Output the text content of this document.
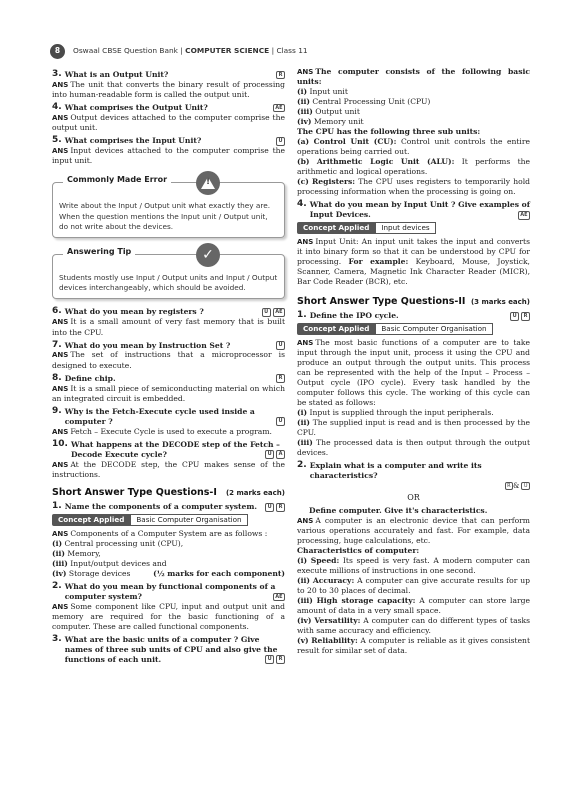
8	Oswaal CBSE Question Bank | COMPUTER SCIENCE | Class 11
3. What is an Output Unit?	R
ANS The unit that converts the binary result of processing into human-readable form is called the output unit.
4. What comprises the Output Unit?	AE
ANS Output devices attached to the computer comprise the output unit.
5. What comprises the Input Unit?	U
ANS Input devices attached to the computer comprise the input unit.
Commonly Made Error	!
Write about the Input / Output unit what exactly they are. When the question mentions the Input unit / Output unit, do not write about the devices.
Answering Tip	✓
Students mostly use Input / Output units and Input / Output devices interchangeably, which should be avoided.
6. What do you mean by registers ?	U AE
ANS It is a small amount of very fast memory that is built into the CPU.
7. What do you mean by Instruction Set ?	U
ANS The set of instructions that a microprocessor is designed to execute.
8. Define chip.	R
ANS It is a small piece of semiconducting material on which an integrated circuit is embedded.
9. Why is the Fetch-Execute cycle used inside a computer ?	U
ANS Fetch – Execute Cycle is used to execute a program.
10. What happens at the DECODE step of the Fetch – Decode Execute cycle?	U A
ANS At the DECODE step, the CPU makes sense of the instructions.
Short Answer Type Questions-I (2 marks each)
1. Name the components of a computer system.	U R
Concept Applied	Basic Computer Organisation
ANS Components of a Computer System are as follows :
(i) Central processing unit (CPU),
(ii) Memory,
(iii) Input/output devices and
(iv) Storage devices	(½ marks for each component)
2. What do you mean by functional components of a computer system?	AE
ANS Some component like CPU, input and output unit and memory are required for the basic functioning of a computer. These are called functional components.
3. What are the basic units of a computer ? Give names of three sub units of CPU and also give the functions of each unit.	U R
ANS The computer consists of the following basic units:
(i) Input unit
(ii) Central Processing Unit (CPU)
(iii) Output unit
(iv) Memory unit
The CPU has the following three sub units:
(a) Control Unit (CU): Control unit controls the entire operations being carried out.
(b) Arithmetic Logic Unit (ALU): It performs the arithmetic and logical operations.
(c) Registers: The CPU uses registers to temporarily hold processing information when the processing is going on.
4. What do you mean by Input Unit ? Give examples of Input Devices.	AE
Concept Applied	Input devices
ANS Input Unit: An input unit takes the input and converts it into binary form so that it can be understood by CPU for processing. For example: Keyboard, Mouse, Joystick, Scanner, Camera, Magnetic Ink Character Reader (MICR), Bar Code Reader (BCR), etc.
Short Answer Type Questions-II (3 marks each)
1. Define the IPO cycle.	U R
Concept Applied	Basic Computer Organisation
ANS The most basic functions of a computer are to take input through the input unit, process it using the CPU and produce an output through the output units. This process can be represented with the help of the Input – Process – Output cycle (IPO cycle). Every task handled by the computer follows this cycle. The working of this cycle can be stated as follows:
(i) Input is supplied through the input peripherals.
(ii) The supplied input is read and is then processed by the CPU.
(iii) The processed data is then output through the output devices.
2. Explain what is a computer and write its characteristics?
R & U
OR
Define computer. Give it's characteristics.
ANS A computer is an electronic device that can perform various operations accurately and fast. For example, data processing, huge calculations, etc.
Characteristics of computer:
(i) Speed: Its speed is very fast. A modern computer can execute millions of instructions in one second.
(ii) Accuracy: A computer can give accurate results for up to 20 to 30 places of decimal.
(iii) High storage capacity: A computer can store large amount of data in a very small space.
(iv) Versatility: A computer can do different types of tasks with same accuracy and efficiency.
(v) Reliability: A computer is reliable as it gives consistent result for similar set of data.
